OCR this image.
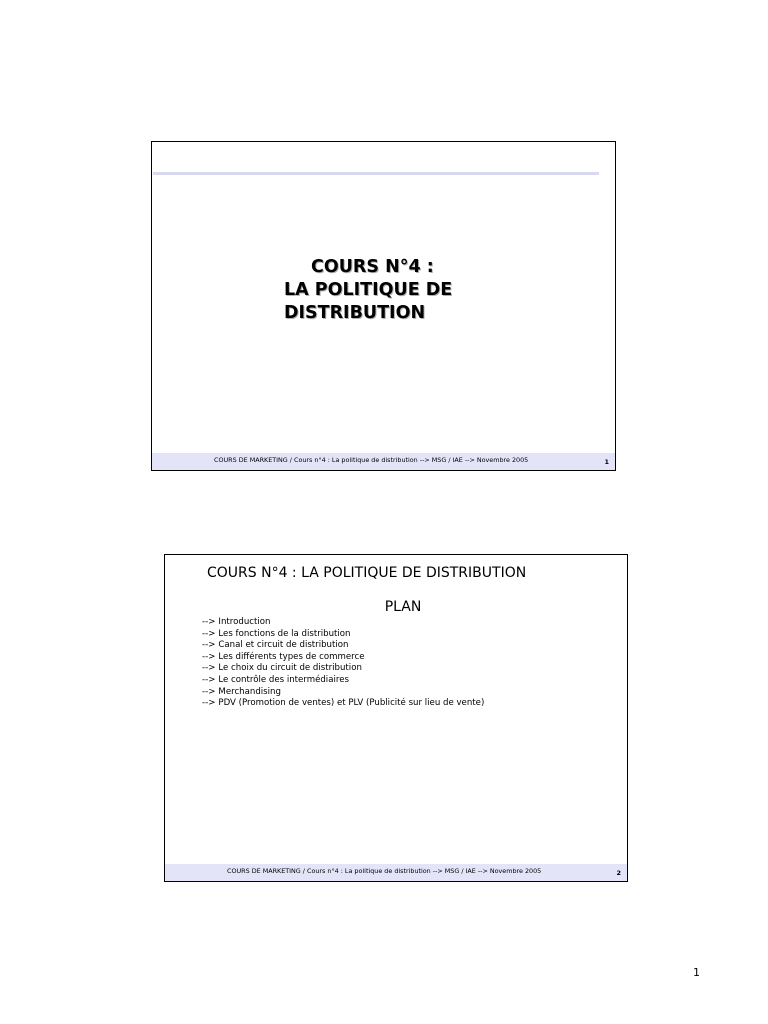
COURS N°4 :
LA POLITIQUE DE
DISTRIBUTION
COURS DE MARKETING / Cours n°4 : La politique de distribution --> MSG / IAE --> Novembre 2005	1
COURS N°4 : LA POLITIQUE DE DISTRIBUTION
PLAN
--> Introduction
--> Les fonctions de la distribution
--> Canal et circuit de distribution
--> Les différents types de commerce
--> Le choix du circuit de distribution
--> Le contrôle des intermédiaires
--> Merchandising
--> PDV (Promotion de ventes) et PLV (Publicité sur lieu de vente)
COURS DE MARKETING / Cours n°4 : La politique de distribution --> MSG / IAE --> Novembre 2005	2
1
